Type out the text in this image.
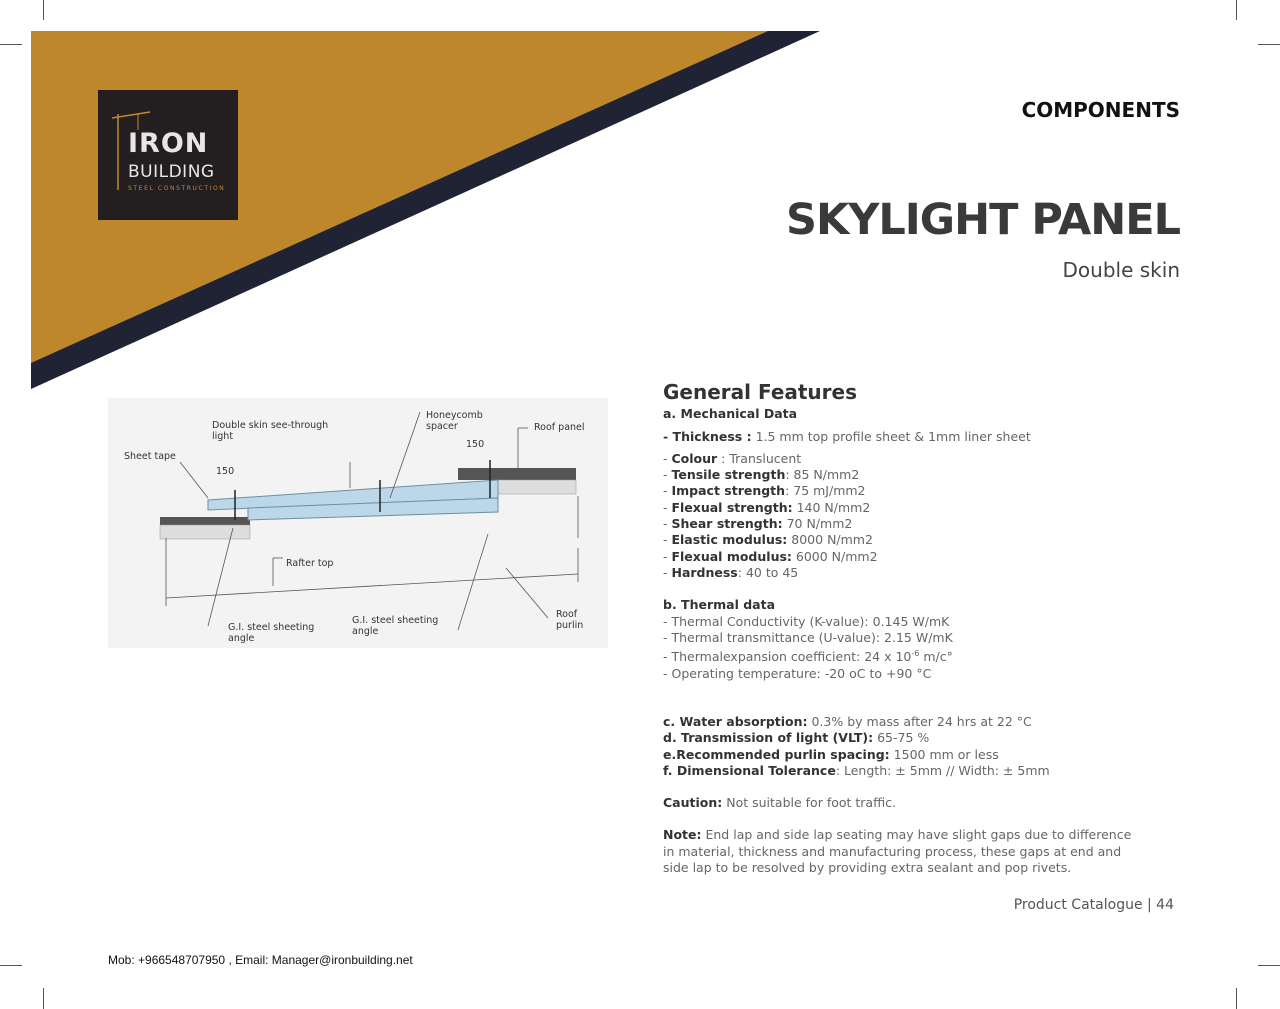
IRON
BUILDING
STEEL CONSTRUCTION
COMPONENTS
SKYLIGHT PANEL
Double skin
Double skin see-through light
Honeycomb spacer	Roof panel
Sheet tape
150
150
Rafter top
G.I. steel sheeting angle
G.I. steel sheeting angle
Roof purlin
General Features
a. Mechanical Data
- Thickness : 1.5 mm top profile sheet & 1mm liner sheet
- Colour : Translucent
- Tensile strength: 85 N/mm2
- Impact strength: 75 mJ/mm2
- Flexual strength: 140 N/mm2
- Shear strength: 70 N/mm2
- Elastic modulus: 8000 N/mm2
- Flexual modulus: 6000 N/mm2
- Hardness: 40 to 45
b. Thermal data
- Thermal Conductivity (K-value): 0.145 W/mK
- Thermal transmittance (U-value): 2.15 W/mK
- Thermalexpansion coefficient: 24 x $10^{-6}$ m/c°
- Operating temperature: -20 oC to +90 °C
c. Water absorption: 0.3% by mass after 24 hrs at 22 °C
d. Transmission of light (VLT): 65-75 %
e.Recommended purlin spacing: 1500 mm or less
f. Dimensional Tolerance: Length: ± 5mm // Width: ± 5mm
Caution: Not suitable for foot traffic.
Note: End lap and side lap seating may have slight gaps due to difference in material, thickness and manufacturing process, these gaps at end and side lap to be resolved by providing extra sealant and pop rivets.
Product Catalogue | 44
Mob: +966548707950 , Email: Manager@ironbuilding.net
